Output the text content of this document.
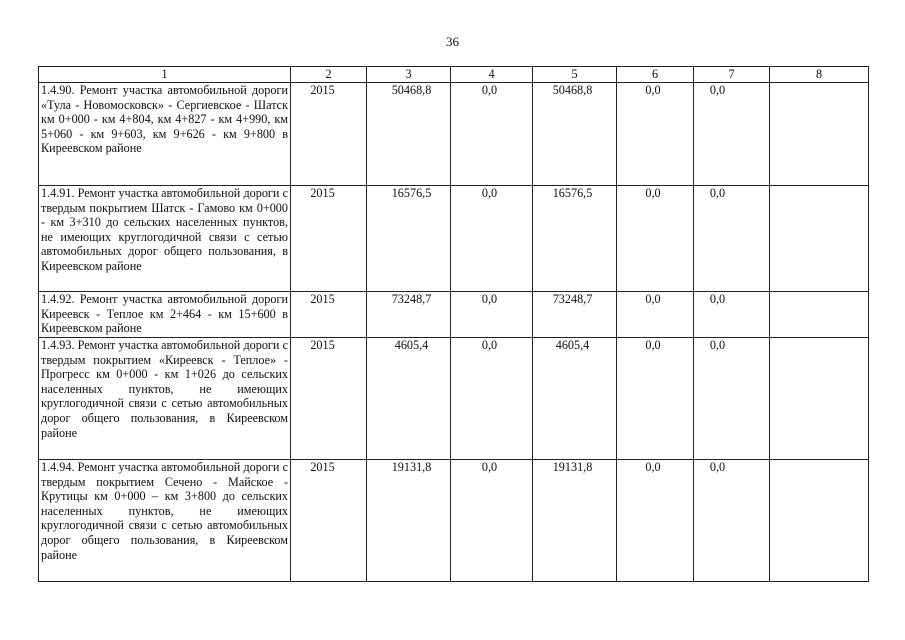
36
1	2	3	4	5	6	7	8
1.4.90. Ремонт участка автомобильной дороги «Тула - Новомосковск» - Сергиевское - Шатск км 0+000 - км 4+804, км 4+827 - км 4+990, км 5+060 - км 9+603, км 9+626 - км 9+800 в Киреевском районе	2015	50468,8	0,0	50468,8	0,0	0,0	
1.4.91. Ремонт участка автомобильной дороги с твердым покрытием Шатск - Гамово км 0+000 - км 3+310 до сельских населенных пунктов, не имеющих круглогодичной связи с сетью автомобильных дорог общего пользования, в Киреевском районе	2015	16576,5	0,0	16576,5	0,0	0,0	
1.4.92. Ремонт участка автомобильной дороги Киреевск - Теплое км 2+464 - км 15+600 в Киреевском районе	2015	73248,7	0,0	73248,7	0,0	0,0	
1.4.93. Ремонт участка автомобильной дороги с твердым покрытием «Киреевск - Теплое» - Прогресс км 0+000 - км 1+026 до сельских населенных пунктов, не имеющих круглогодичной связи с сетью автомобильных дорог общего пользования, в Киреевском районе	2015	4605,4	0,0	4605,4	0,0	0,0	
1.4.94. Ремонт участка автомобильной дороги с твердым покрытием Сечено - Майское - Крутицы км 0+000 – км 3+800 до сельских населенных пунктов, не имеющих круглогодичной связи с сетью автомобильных дорог общего пользования, в Киреевском районе	2015	19131,8	0,0	19131,8	0,0	0,0	
